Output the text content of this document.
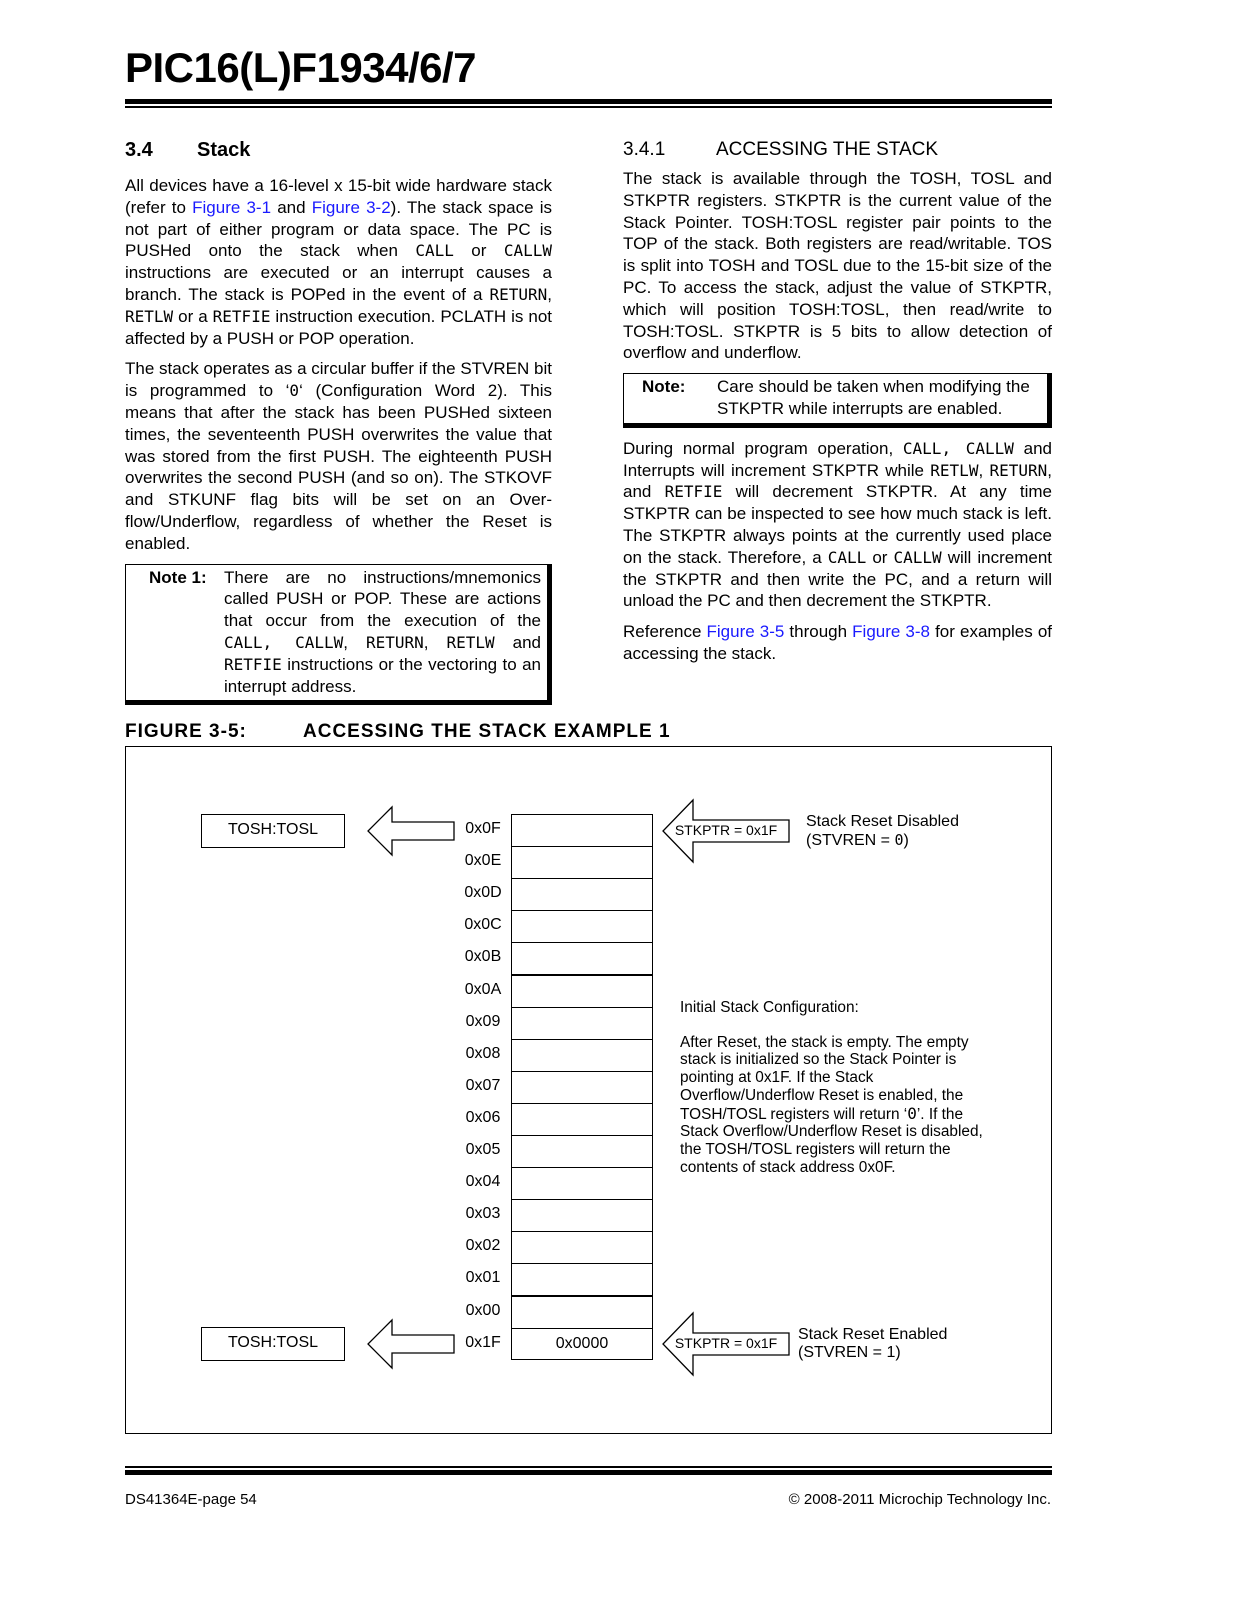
PIC16(L)F1934/6/7
3.4 Stack

All devices have a 16-level x 15-bit wide hardware stack (refer to Figure 3-1 and Figure 3-2). The stack space is not part of either program or data space. The PC is PUSHed onto the stack when CALL or CALLW instructions are executed or an interrupt causes a branch. The stack is POPed in the event of a RETURN, RETLW or a RETFIE instruction execution. PCLATH is not affected by a PUSH or POP operation.

The stack operates as a circular buffer if the STVREN bit is programmed to ‘0‘ (Configuration Word 2). This means that after the stack has been PUSHed sixteen times, the seventeenth PUSH overwrites the value that was stored from the first PUSH. The eighteenth PUSH overwrites the second PUSH (and so on). The STKOVF and STKUNF flag bits will be set on an Over-flow/Underflow, regardless of whether the Reset is enabled.

Note 1:	There are no instructions/mnemonics called PUSH or POP. These are actions that occur from the execution of the CALL, CALLW, RETURN, RETLW and RETFIE instructions or the vectoring to an interrupt address.
3.4.1	ACCESSING THE STACK

The stack is available through the TOSH, TOSL and STKPTR registers. STKPTR is the current value of the Stack Pointer. TOSH:TOSL register pair points to the TOP of the stack. Both registers are read/writable. TOS is split into TOSH and TOSL due to the 15-bit size of the PC. To access the stack, adjust the value of STKPTR, which will position TOSH:TOSL, then read/write to TOSH:TOSL. STKPTR is 5 bits to allow detection of overflow and underflow.

Note:	Care should be taken when modifying the STKPTR while interrupts are enabled.

During normal program operation, CALL, CALLW and Interrupts will increment STKPTR while RETLW, RETURN, and RETFIE will decrement STKPTR. At any time STKPTR can be inspected to see how much stack is left. The STKPTR always points at the currently used place on the stack. Therefore, a CALL or CALLW will increment the STKPTR and then write the PC, and a return will unload the PC and then decrement the STKPTR.

Reference Figure 3-5 through Figure 3-8 for examples of accessing the stack.

FIGURE 3-5:	ACCESSING THE STACK EXAMPLE 1
TOSH:TOSL	STKPTR = 0x1F	Stack Reset Disabled
(STVREN = 0)
0x0F
0x0E
0x0D
0x0C
0x0B
0x0A
0x09
0x08
0x07
0x06
0x05
0x04
0x03
0x02
0x01
0x00
0x1F	0x0000
TOSH:TOSL	STKPTR = 0x1F	Stack Reset Enabled
(STVREN = 1)

Initial Stack Configuration:

After Reset, the stack is empty. The empty stack is initialized so the Stack Pointer is pointing at 0x1F. If the Stack Overflow/Underflow Reset is enabled, the TOSH/TOSL registers will return ‘0’. If the Stack Overflow/Underflow Reset is disabled, the TOSH/TOSL registers will return the contents of stack address 0x0F.

DS41364E-page 54	© 2008-2011 Microchip Technology Inc.
